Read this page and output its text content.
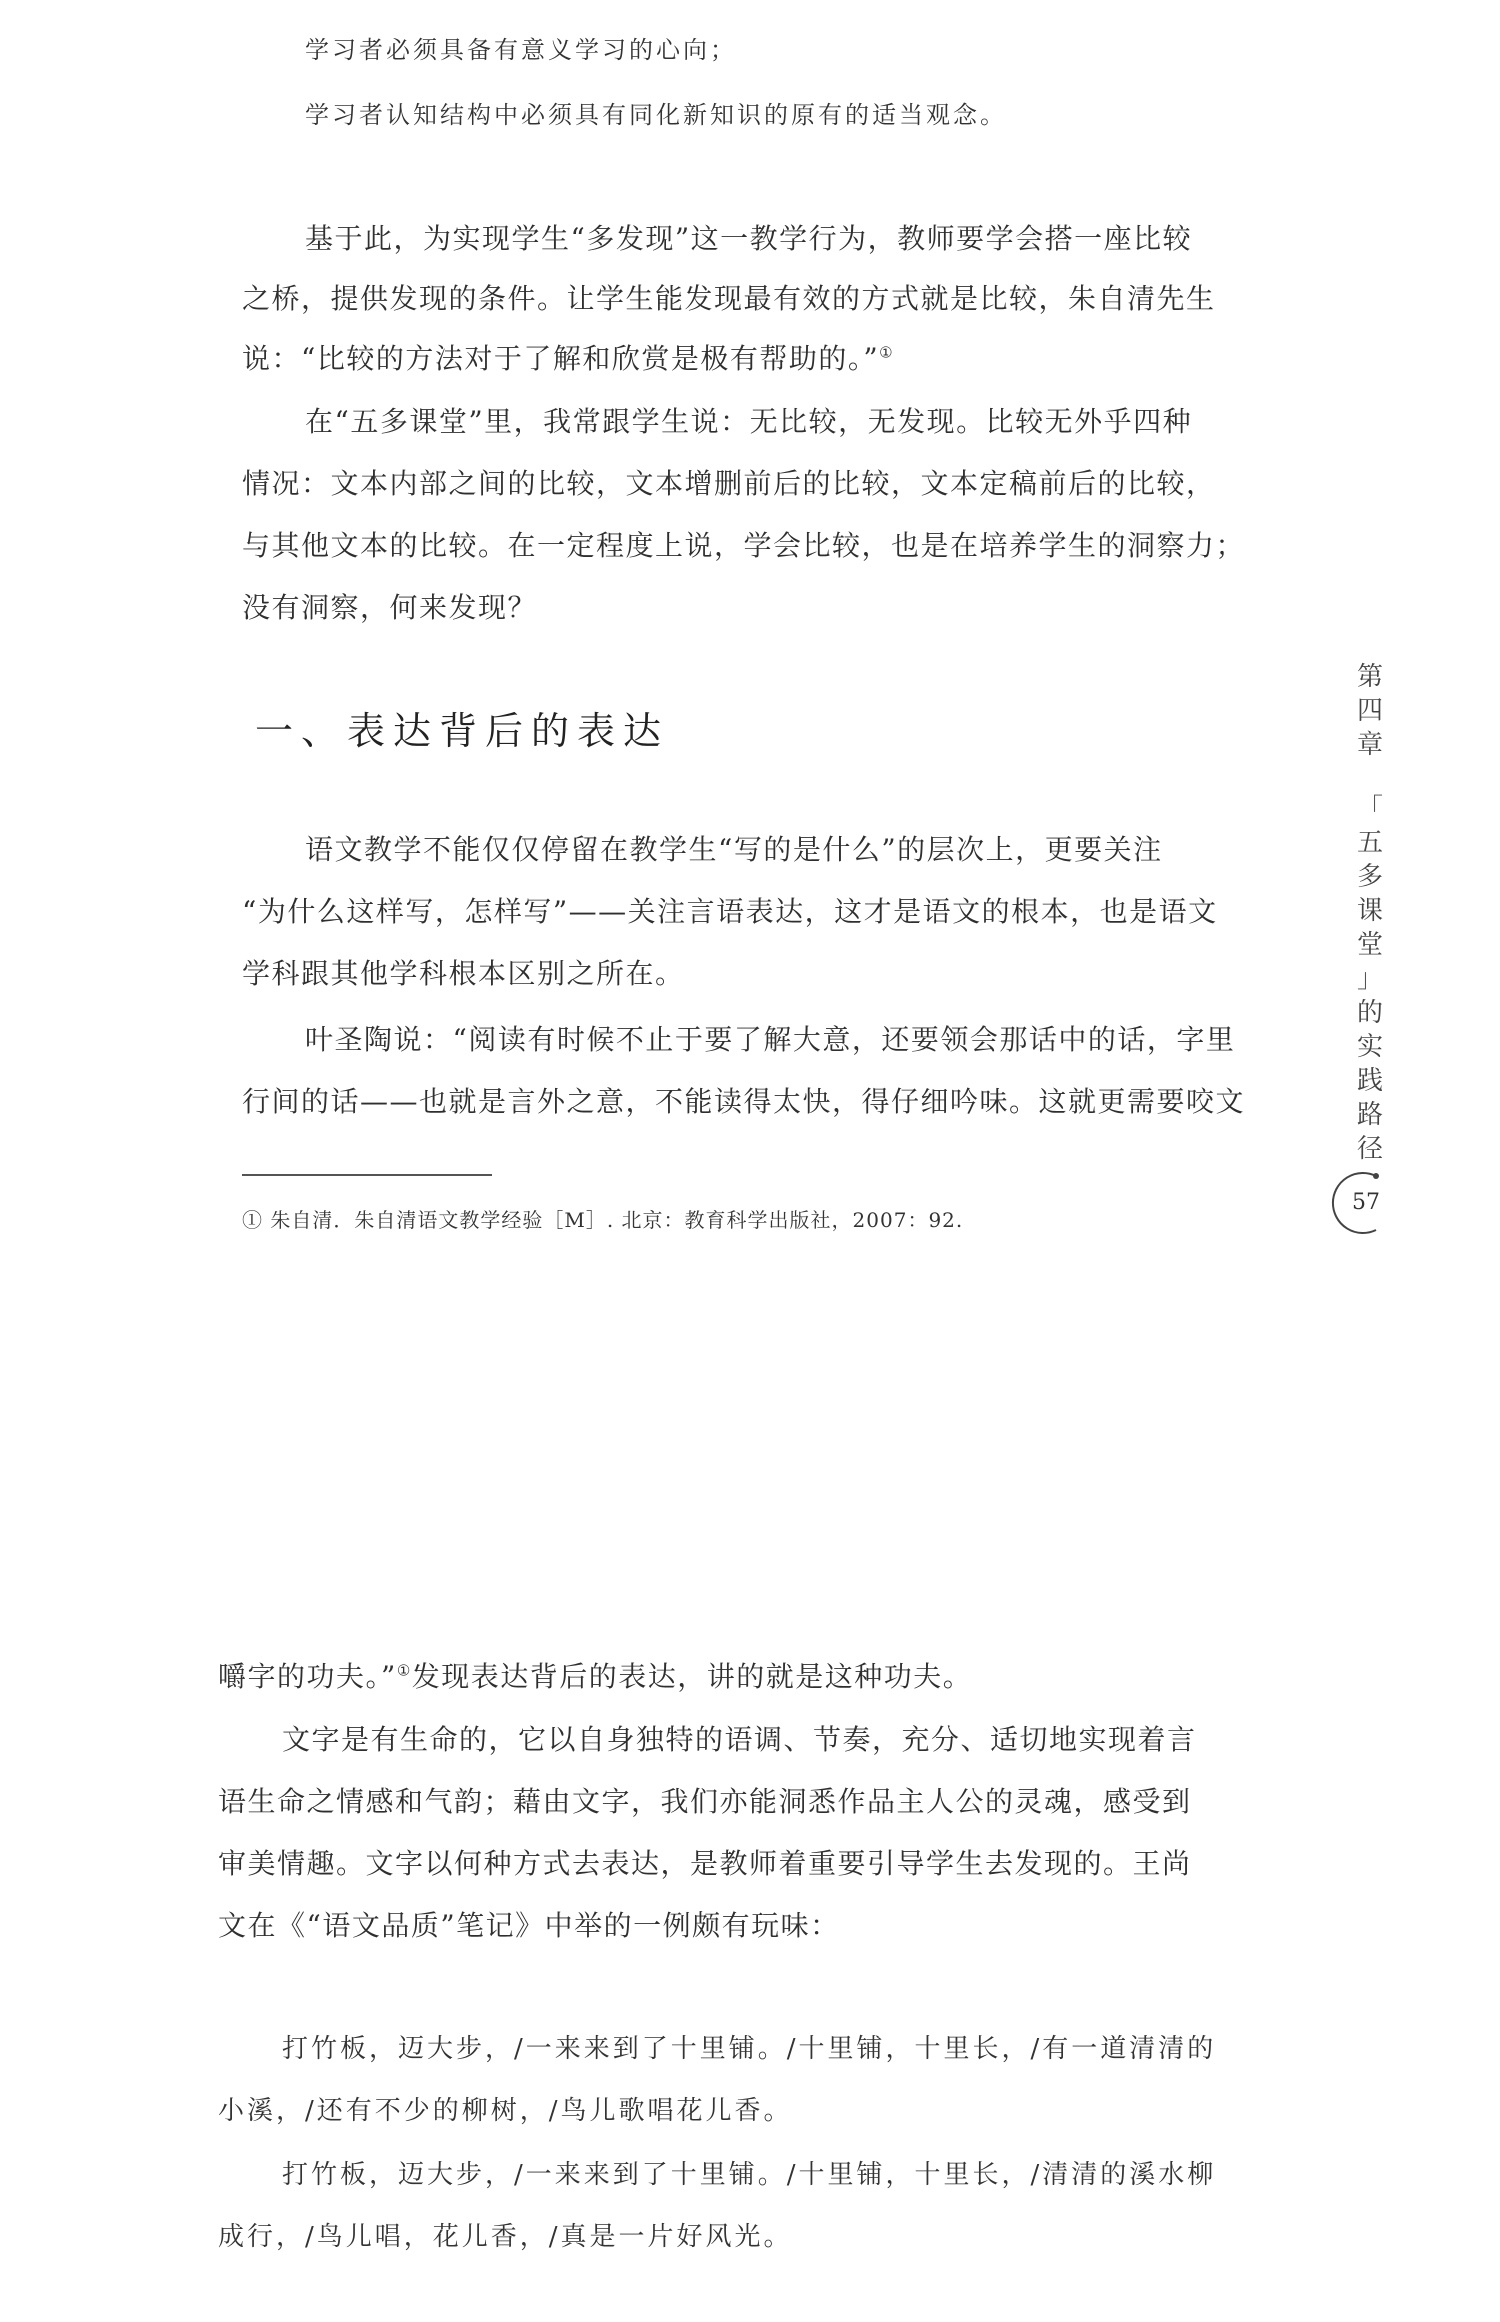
学习者必须具备有意义学习的心向；
学习者认知结构中必须具有同化新知识的原有的适当观念。
基于此，为实现学生“多发现”这一教学行为，教师要学会搭一座比较
之桥，提供发现的条件。让学生能发现最有效的方式就是比较，朱自清先生
说：“比较的方法对于了解和欣赏是极有帮助的。”①
在“五多课堂”里，我常跟学生说：无比较，无发现。比较无外乎四种
情况：文本内部之间的比较，文本增删前后的比较，文本定稿前后的比较，
与其他文本的比较。在一定程度上说，学会比较，也是在培养学生的洞察力；
没有洞察，何来发现？
一、表达背后的表达
语文教学不能仅仅停留在教学生“写的是什么”的层次上，更要关注
“为什么这样写，怎样写”——关注言语表达，这才是语文的根本，也是语文
学科跟其他学科根本区别之所在。
叶圣陶说：“阅读有时候不止于要了解大意，还要领会那话中的话，字里
行间的话——也就是言外之意，不能读得太快，得仔细吟味。这就更需要咬文
① 朱自清．朱自清语文教学经验［M］. 北京：教育科学出版社，2007：92.
第
四
章
「
五
多
课
堂
」
的
实
践
路
径
57
嚼字的功夫。”①发现表达背后的表达，讲的就是这种功夫。
文字是有生命的，它以自身独特的语调、节奏，充分、适切地实现着言
语生命之情感和气韵；藉由文字，我们亦能洞悉作品主人公的灵魂，感受到
审美情趣。文字以何种方式去表达，是教师着重要引导学生去发现的。王尚
文在《“语文品质”笔记》中举的一例颇有玩味：
打竹板，迈大步，/一来来到了十里铺。/十里铺，十里长，/有一道清清的
小溪，/还有不少的柳树，/鸟儿歌唱花儿香。
打竹板，迈大步，/一来来到了十里铺。/十里铺，十里长，/清清的溪水柳
成行，/鸟儿唱，花儿香，/真是一片好风光。
